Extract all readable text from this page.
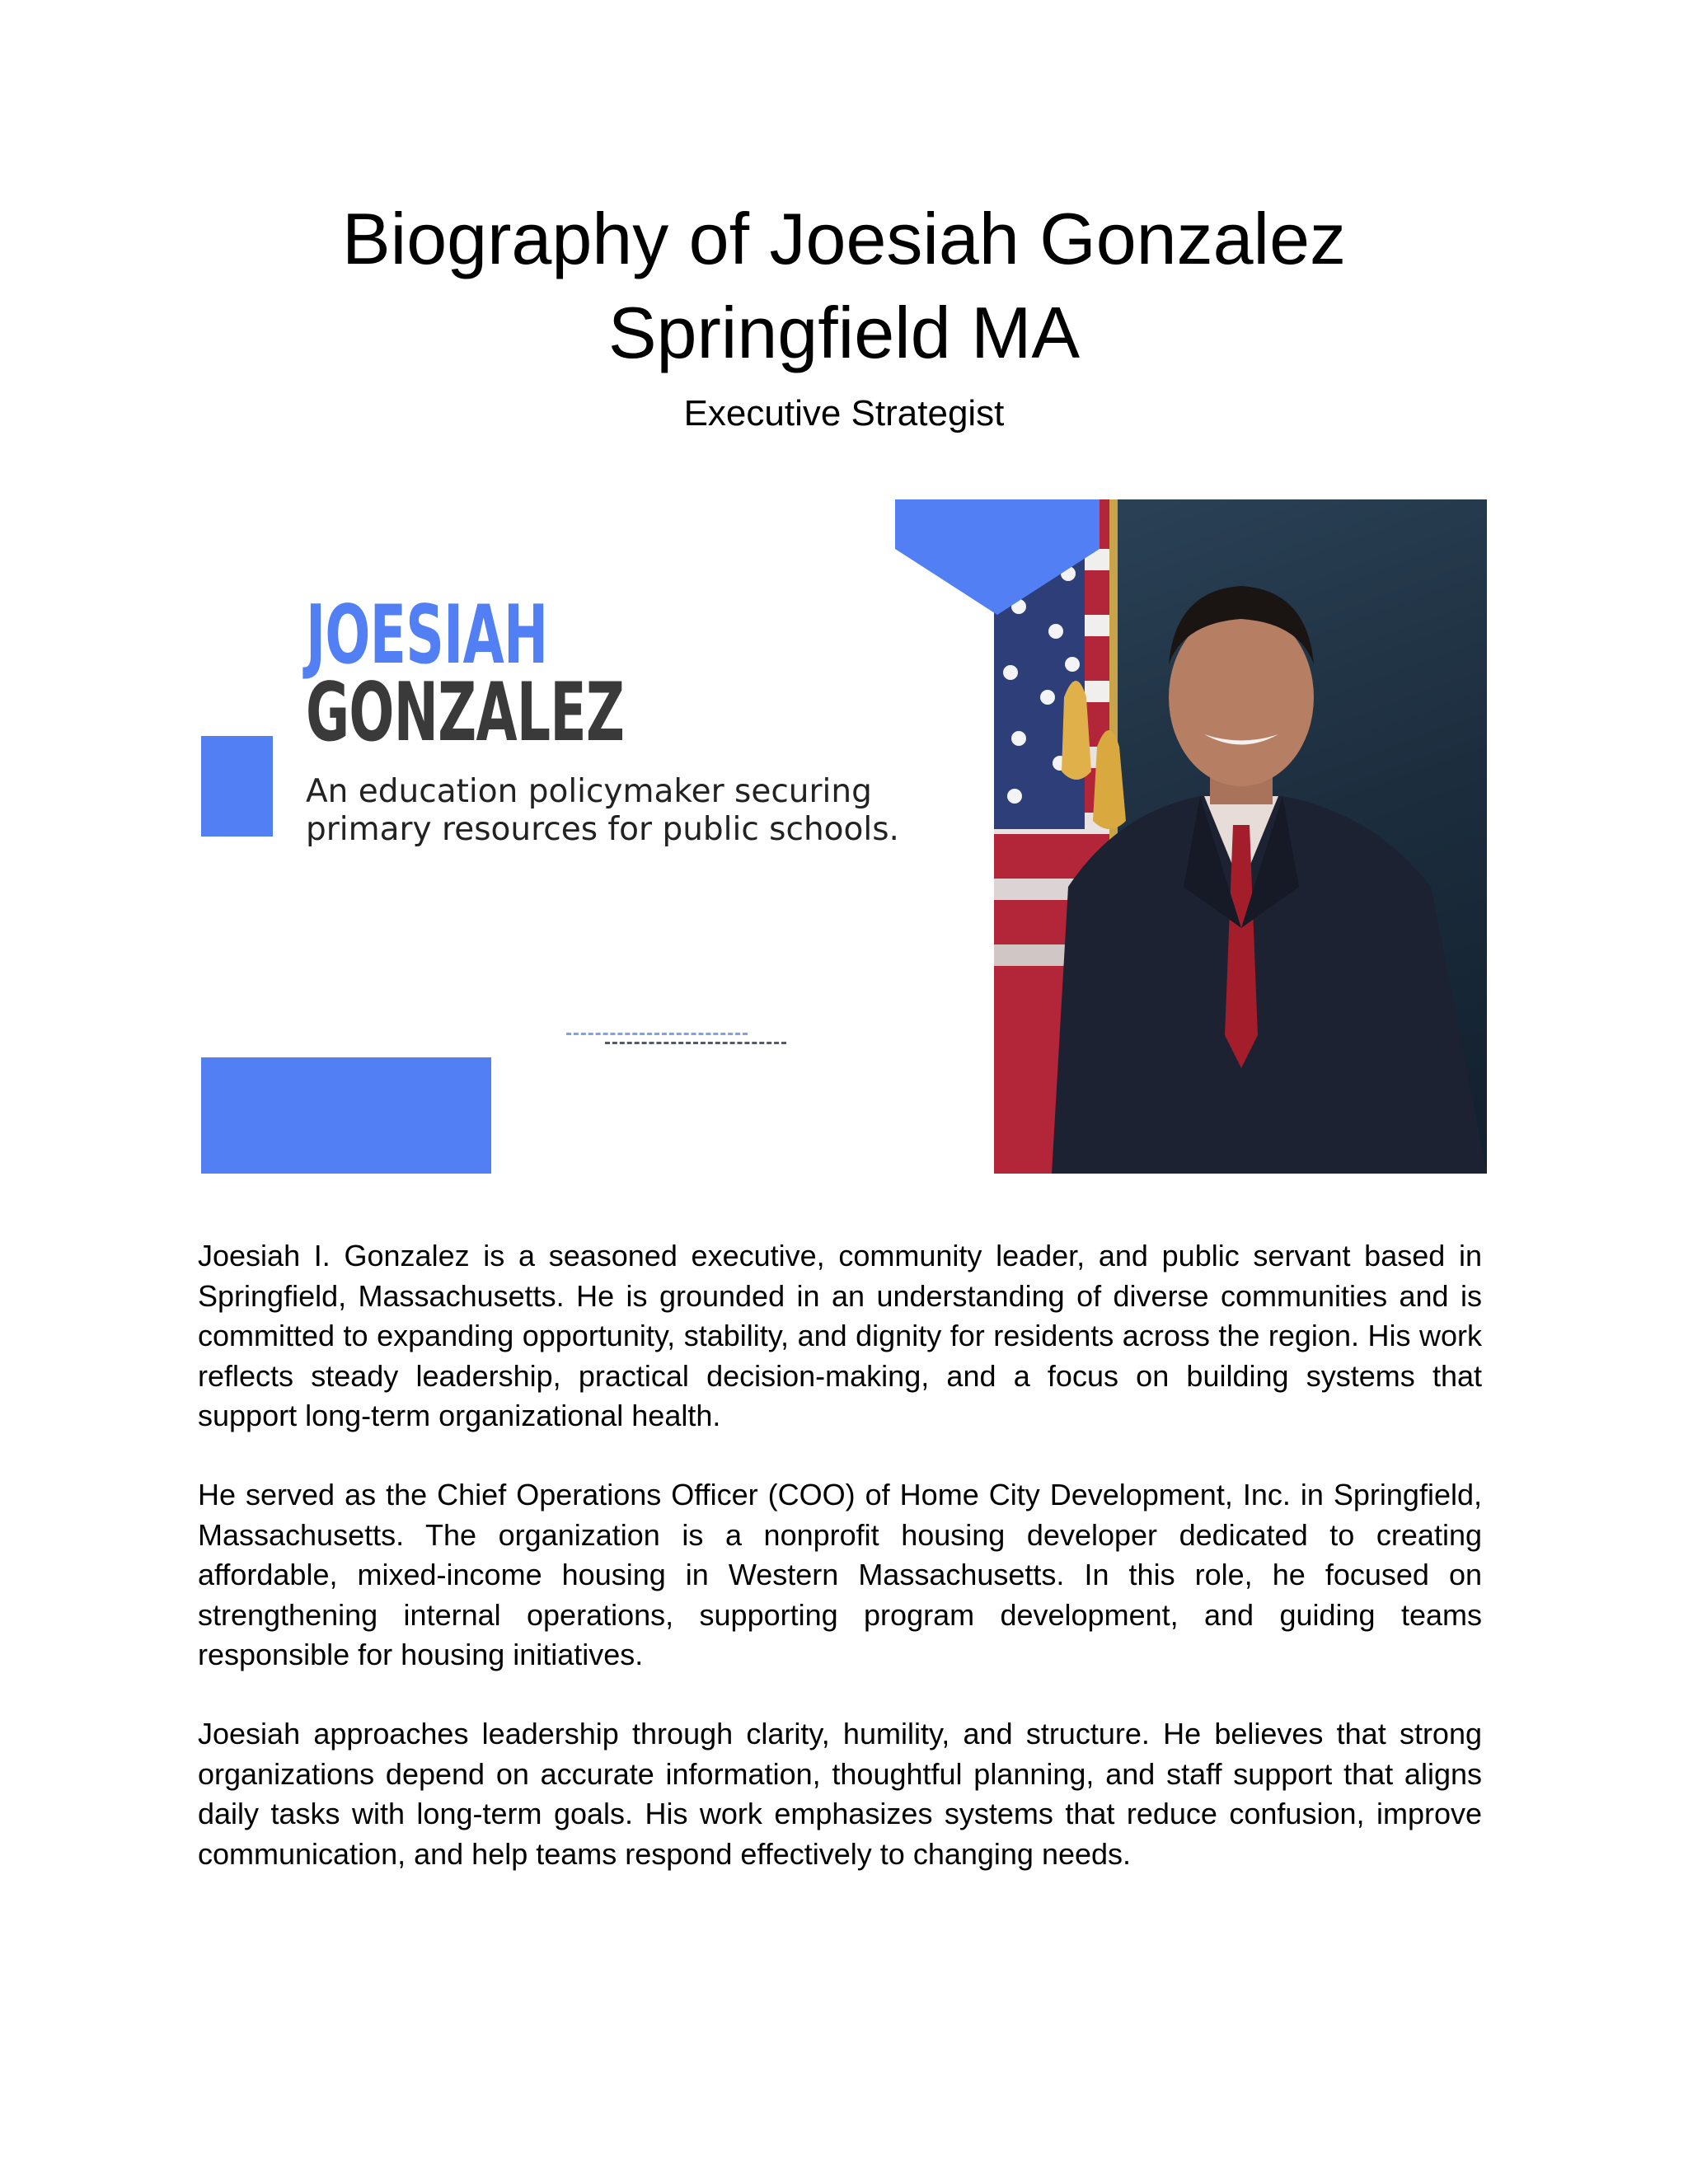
Biography of Joesiah Gonzalez
Springfield MA

Executive Strategist

JOESIAH
GONZALEZ

An education policymaker securing primary resources for public schools.

Joesiah I. Gonzalez is a seasoned executive, community leader, and public servant based in Springfield, Massachusetts. He is grounded in an understanding of diverse communities and is committed to expanding opportunity, stability, and dignity for residents across the region. His work reflects steady leadership, practical decision-making, and a focus on building systems that support long-term organizational health.

He served as the Chief Operations Officer (COO) of Home City Development, Inc. in Springfield, Massachusetts. The organization is a nonprofit housing developer dedicated to creating affordable, mixed-income housing in Western Massachusetts. In this role, he focused on strengthening internal operations, supporting program development, and guiding teams responsible for housing initiatives.

Joesiah approaches leadership through clarity, humility, and structure. He believes that strong organizations depend on accurate information, thoughtful planning, and staff support that aligns daily tasks with long-term goals. His work emphasizes systems that reduce confusion, improve communication, and help teams respond effectively to changing needs.
